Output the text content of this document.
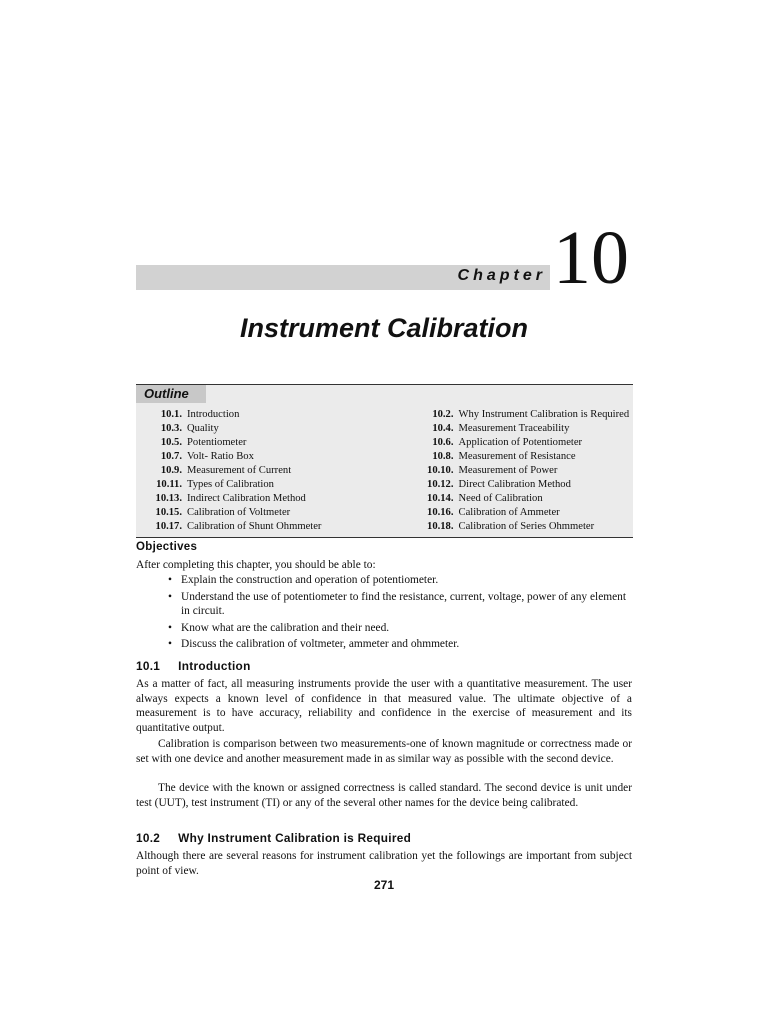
Chapter 10
Instrument Calibration
Outline
10.1. Introduction	10.2. Why Instrument Calibration is Required
10.3. Quality	10.4. Measurement Traceability
10.5. Potentiometer	10.6. Application of Potentiometer
10.7. Volt- Ratio Box	10.8. Measurement of Resistance
10.9. Measurement of Current	10.10. Measurement of Power
10.11. Types of Calibration	10.12. Direct Calibration Method
10.13. Indirect Calibration Method	10.14. Need of Calibration
10.15. Calibration of Voltmeter	10.16. Calibration of Ammeter
10.17. Calibration of Shunt Ohmmeter	10.18. Calibration of Series Ohmmeter
Objectives
After completing this chapter, you should be able to:
• Explain the construction and operation of potentiometer.
• Understand the use of potentiometer to find the resistance, current, voltage, power of any element in circuit.
• Know what are the calibration and their need.
• Discuss the calibration of voltmeter, ammeter and ohmmeter.
10.1 Introduction

As a matter of fact, all measuring instruments provide the user with a quantitative measurement. The user always expects a known level of confidence in that measured value. The ultimate objective of a measurement is to have accuracy, reliability and confidence in the exercise of measurement and its quantitative output.

Calibration is comparison between two measurements-one of known magnitude or correctness made or set with one device and another measurement made in as similar way as possible with the second device.

The device with the known or assigned correctness is called standard. The second device is unit under test (UUT), test instrument (TI) or any of the several other names for the device being calibrated.

10.2 Why Instrument Calibration is Required

Although there are several reasons for instrument calibration yet the followings are important from subject point of view.

271
